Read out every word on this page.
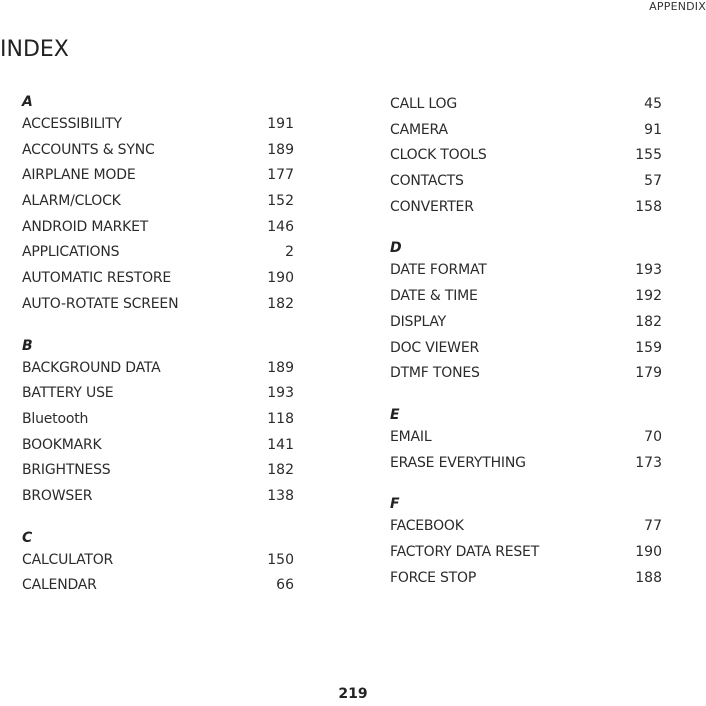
APPENDIX
INDEX
A
ACCESSIBILITY	191
ACCOUNTS & SYNC	189
AIRPLANE MODE	177
ALARM/CLOCK	152
ANDROID MARKET	146
APPLICATIONS	2
AUTOMATIC RESTORE	190
AUTO-ROTATE SCREEN	182
B
BACKGROUND DATA	189
BATTERY USE	193
Bluetooth	118
BOOKMARK	141
BRIGHTNESS	182
BROWSER	138
C
CALCULATOR	150
CALENDAR	66
CALL LOG	45
CAMERA	91
CLOCK TOOLS	155
CONTACTS	57
CONVERTER	158
D
DATE FORMAT	193
DATE & TIME	192
DISPLAY	182
DOC VIEWER	159
DTMF TONES	179
E
EMAIL	70
ERASE EVERYTHING	173
F
FACEBOOK	77
FACTORY DATA RESET	190
FORCE STOP	188
219
